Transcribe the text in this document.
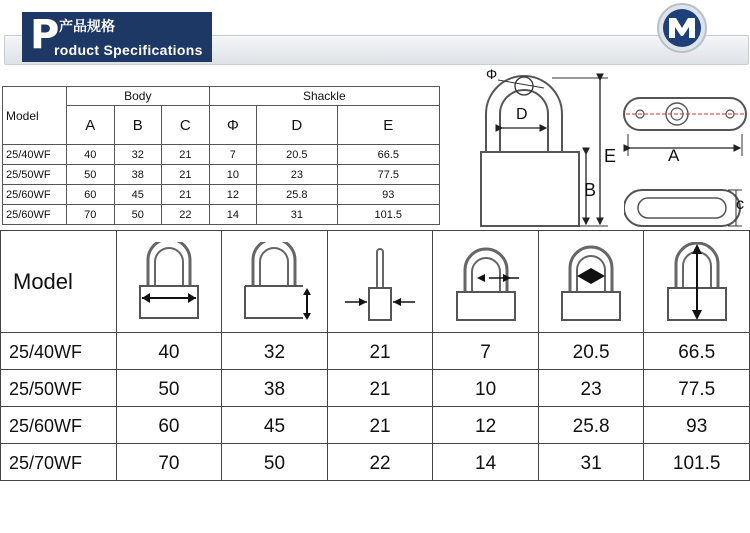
P 产品规格
roduct Specifications
Model	Body			Shackle		
	A	B	C	Φ	D	E
25/40WF	40	32	21	7	20.5	66.5
25/50WF	50	38	21	10	23	77.5
25/60WF	60	45	21	12	25.8	93
25/60WF	70	50	22	14	31	101.5
Φ
D
E
B
A
c
Model	

25/40WF	40	32	21	7	20.5	66.5
25/50WF	50	38	21	10	23	77.5
25/60WF	60	45	21	12	25.8	93
25/70WF	70	50	22	14	31	101.5
